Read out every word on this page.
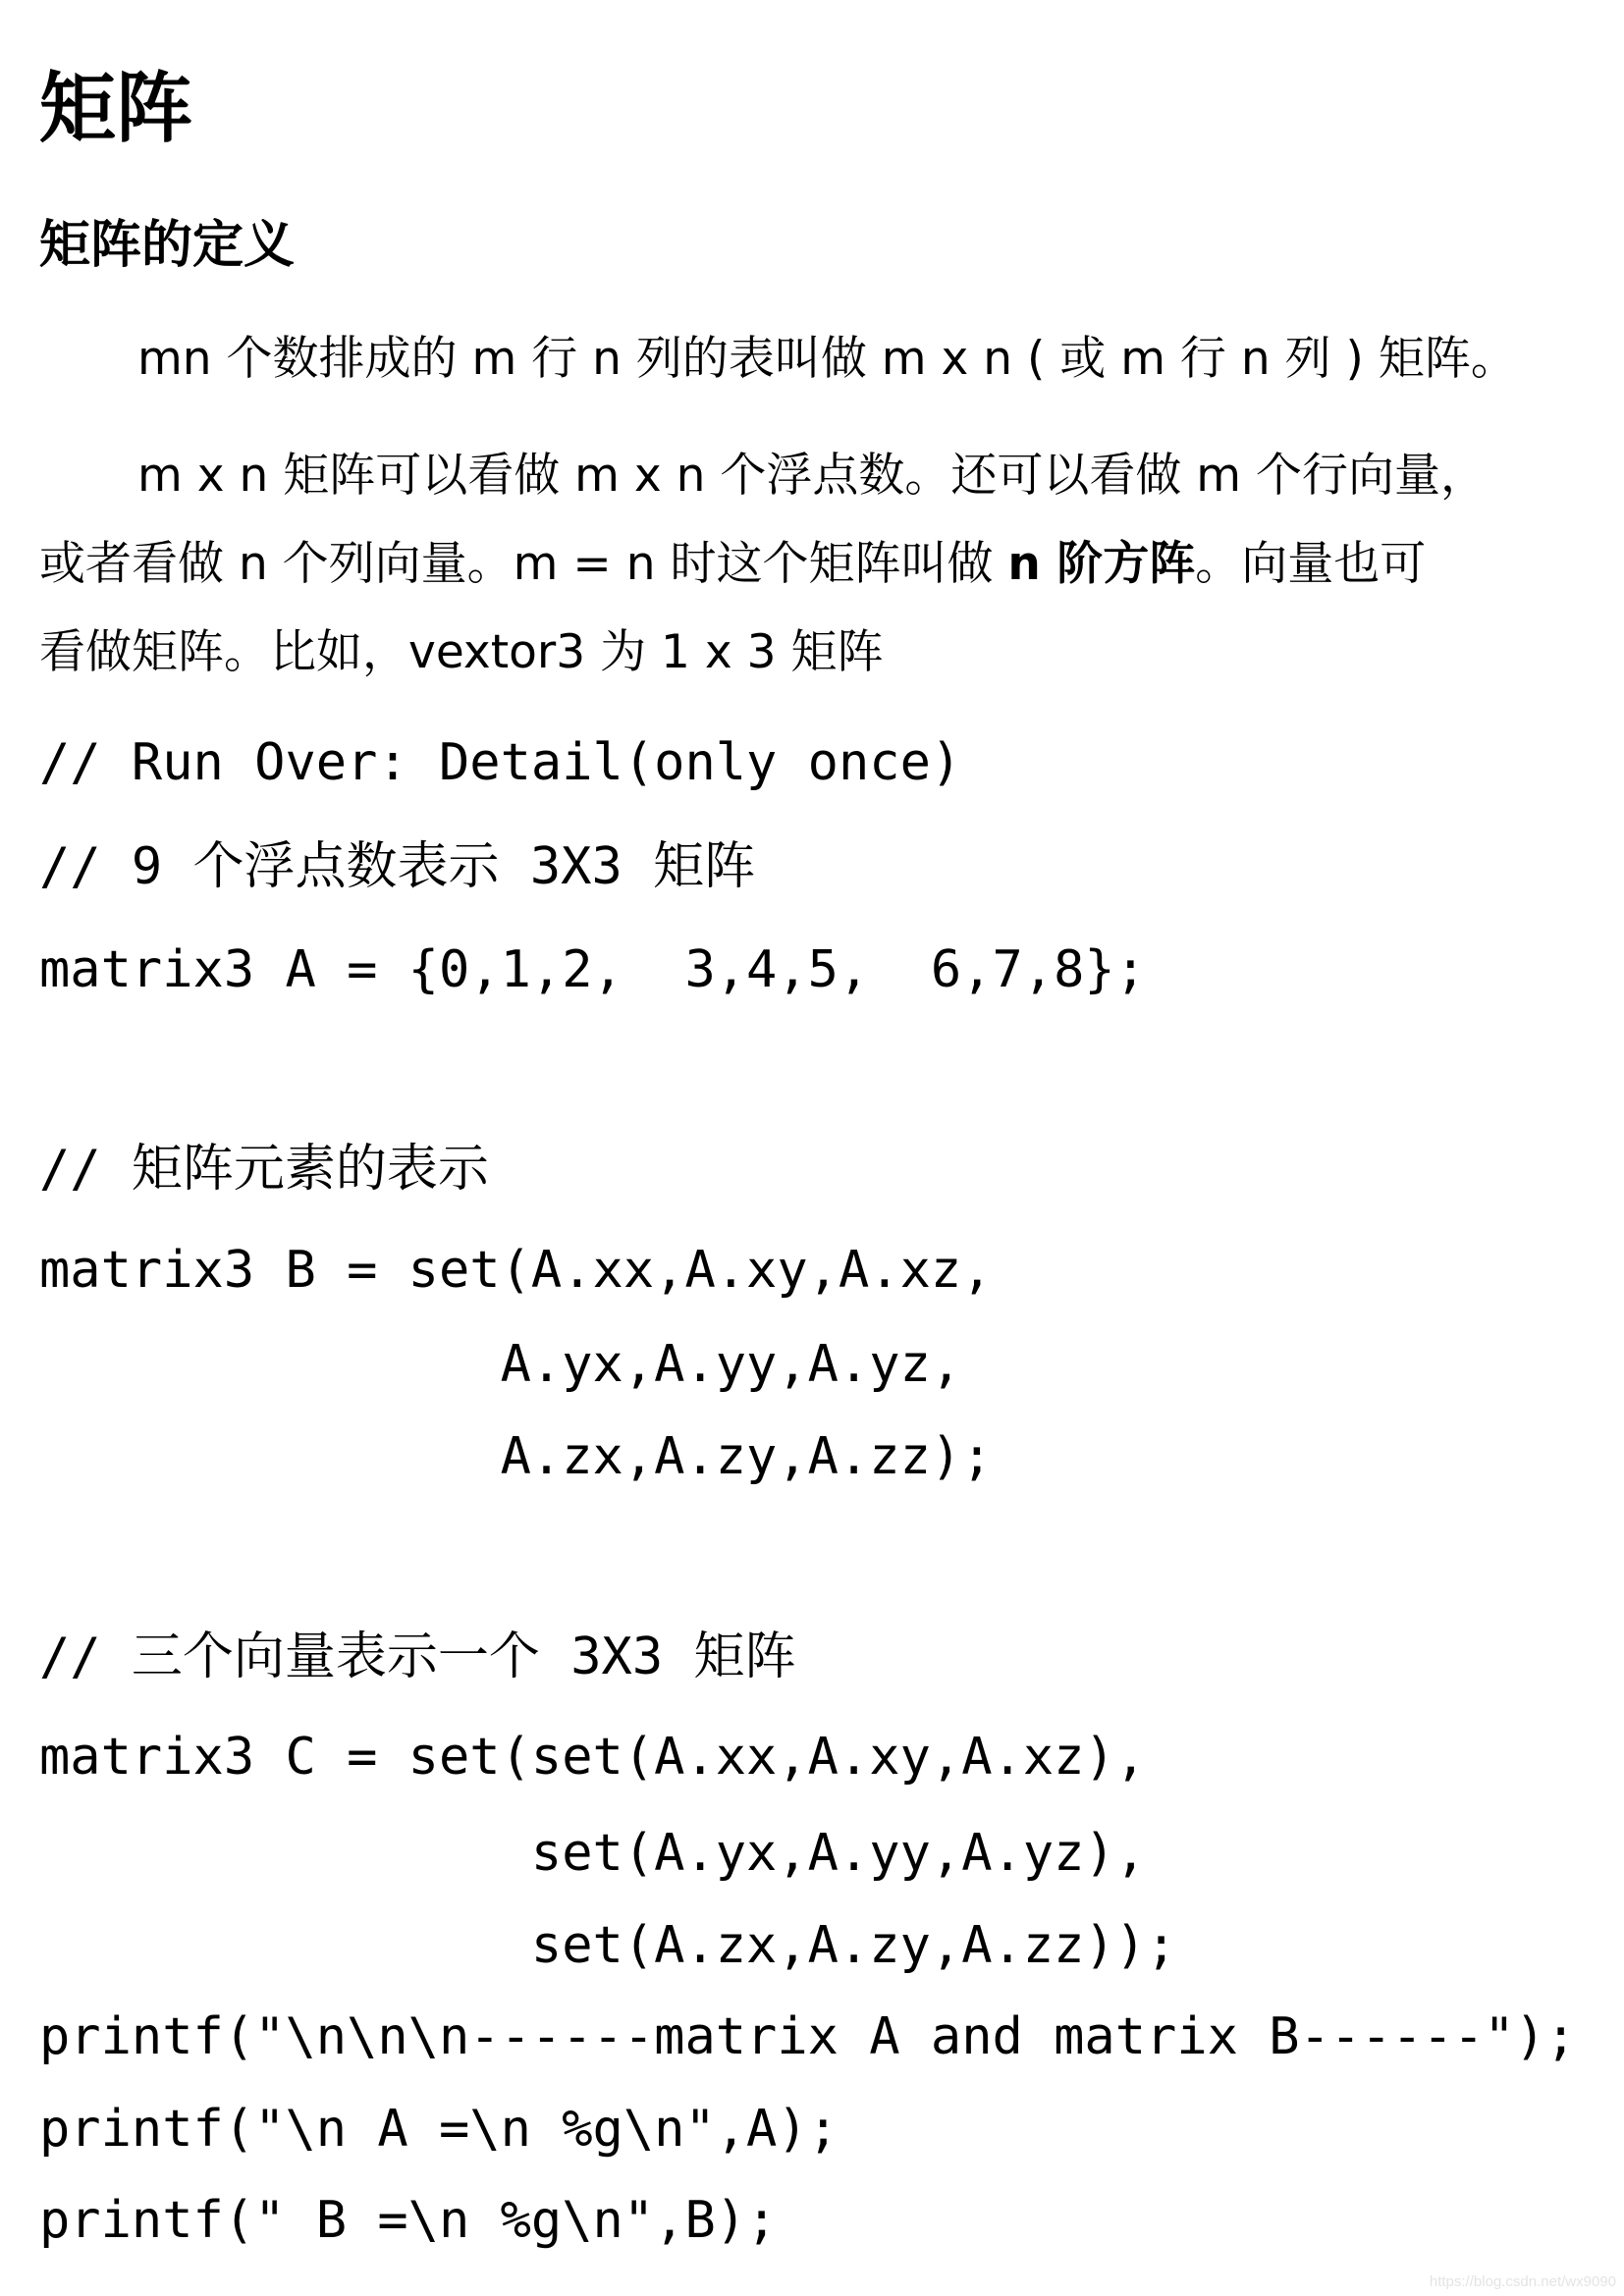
矩阵
矩阵的定义
mn 个数排成的 m 行 n 列的表叫做 m x n ( 或 m 行 n 列 ) 矩阵。
m x n 矩阵可以看做 m x n 个浮点数。还可以看做 m 个行向量，
或者看做 n 个列向量。m = n 时这个矩阵叫做 n 阶方阵。向量也可
看做矩阵。比如，vextor3 为 1 x 3 矩阵
// Run Over: Detail(only once)
// 9 个浮点数表示 3X3 矩阵
matrix3 A = {0,1,2,  3,4,5,  6,7,8};
// 矩阵元素的表示
matrix3 B = set(A.xx,A.xy,A.xz,
A.yx,A.yy,A.yz,
A.zx,A.zy,A.zz);
// 三个向量表示一个 3X3 矩阵
matrix3 C = set(set(A.xx,A.xy,A.xz),
set(A.yx,A.yy,A.yz),
set(A.zx,A.zy,A.zz));
printf("\n\n\n------matrix A and matrix B------");
printf("\n A =\n %g\n",A);
printf(" B =\n %g\n",B);
https://blog.csdn.net/wx9090
